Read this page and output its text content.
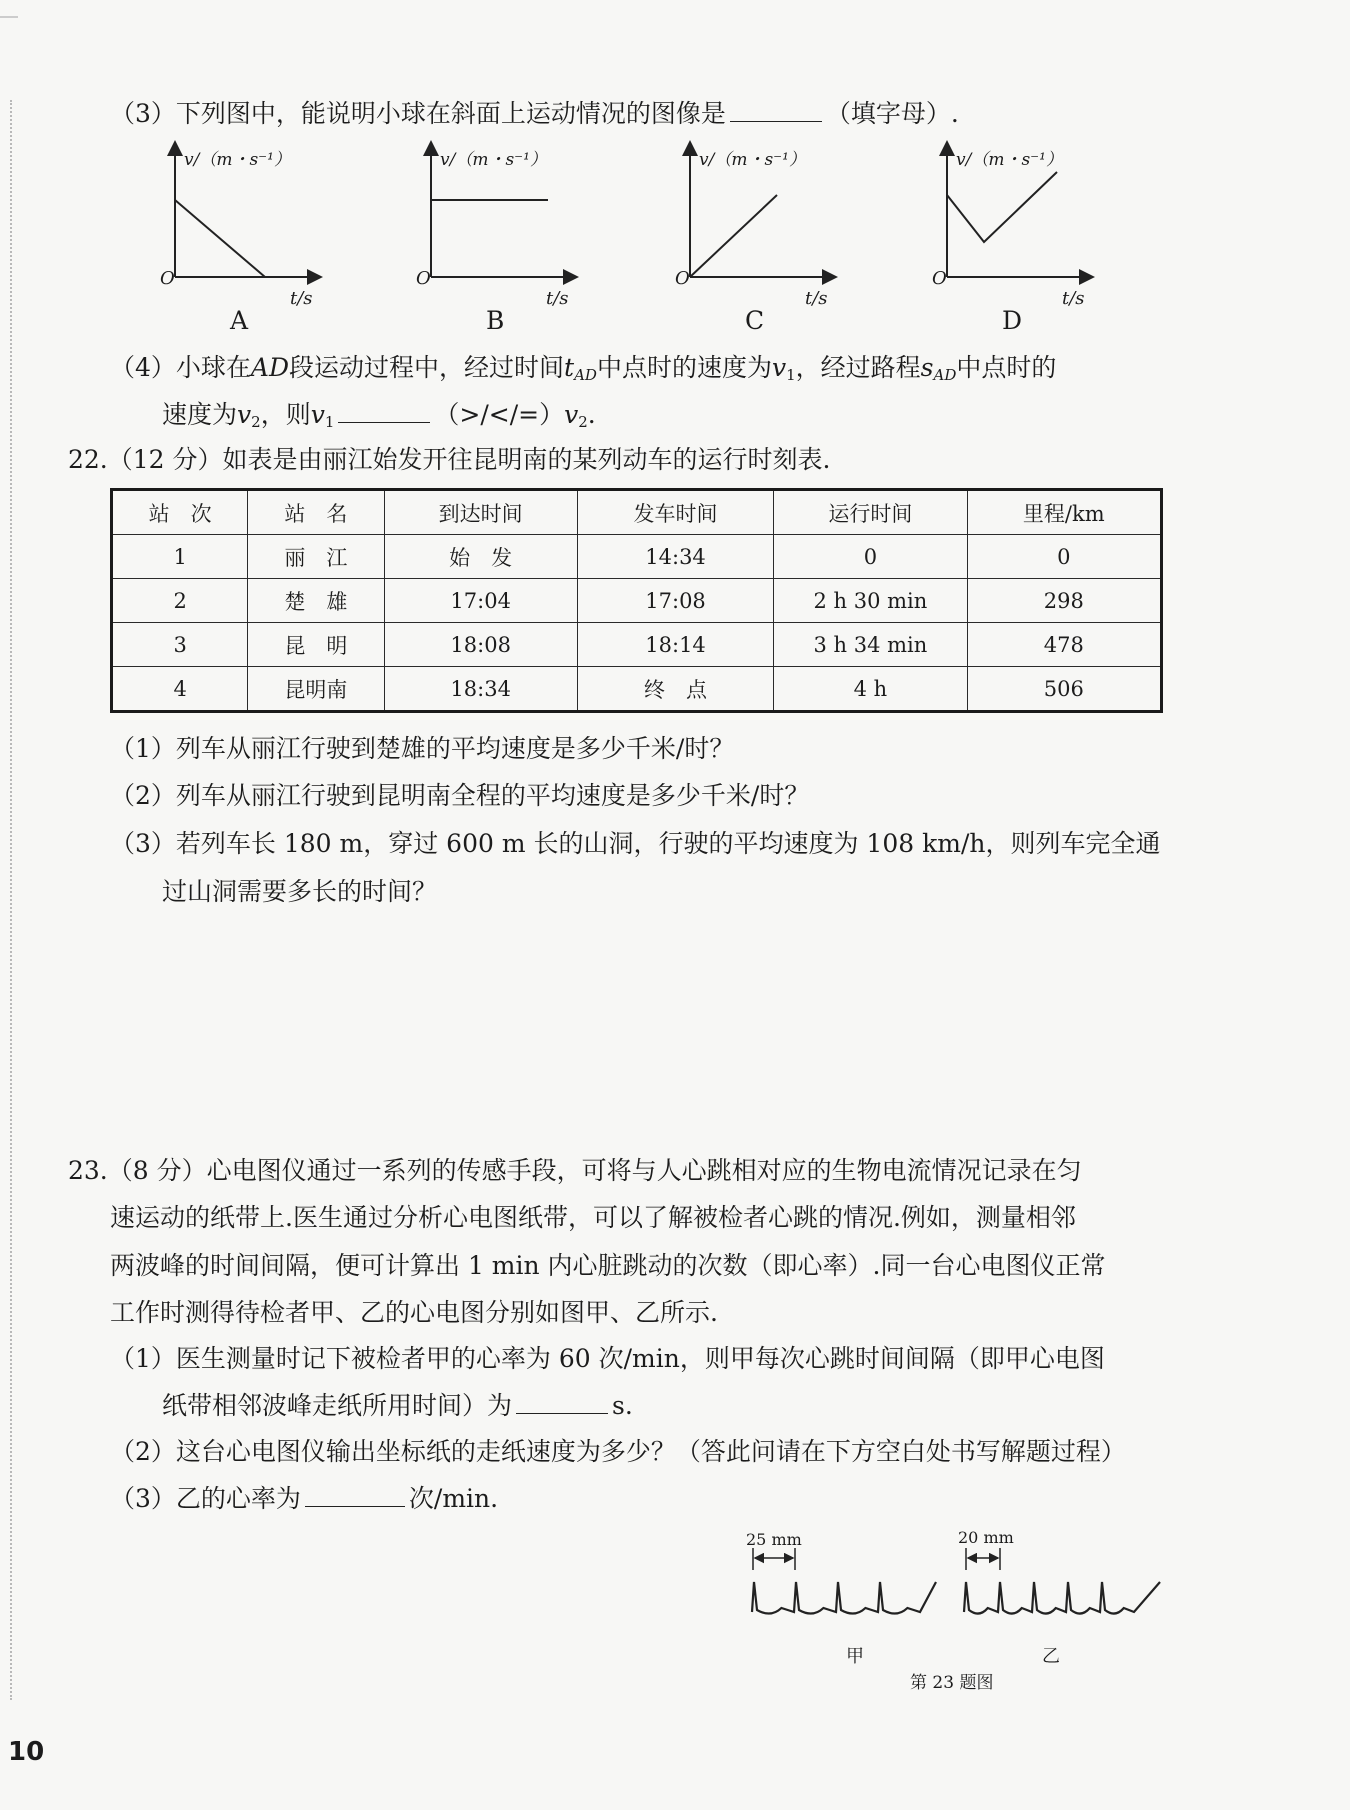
（3）下列图中，能说明小球在斜面上运动情况的图像是	（填字母）.
v/（m・s⁻¹）
O
t/s
A
v/（m・s⁻¹）
O
t/s
B
v/（m・s⁻¹）
O
t/s
C
v/（m・s⁻¹）
O
t/s
D
（4）小球在AD段运动过程中，经过时间$t_{AD}$中点时的速度为$v_1$，经过路程$s_{AD}$中点时的
速度为$v_2$，则$v_1$	$(>/</=)v_2$.
22.（12 分）如表是由丽江始发开往昆明南的某列动车的运行时刻表.
站　次	站　名	到达时间	发车时间	运行时间	里程/km
1	丽　江	始　发	14:34	0	0
2	楚　雄	17:04	17:08	2 h 30 min	298
3	昆　明	18:08	18:14	3 h 34 min	478
4	昆明南	18:34	终　点	4 h	506
（1）列车从丽江行驶到楚雄的平均速度是多少千米/时？
（2）列车从丽江行驶到昆明南全程的平均速度是多少千米/时？
（3）若列车长 180 m，穿过 600 m 长的山洞，行驶的平均速度为 108 km/h，则列车完全通
过山洞需要多长的时间？
23.（8 分）心电图仪通过一系列的传感手段，可将与人心跳相对应的生物电流情况记录在匀
速运动的纸带上.医生通过分析心电图纸带，可以了解被检者心跳的情况.例如，测量相邻
两波峰的时间间隔，便可计算出 1 min 内心脏跳动的次数（即心率）.同一台心电图仪正常
工作时测得待检者甲、乙的心电图分别如图甲、乙所示.
（1）医生测量时记下被检者甲的心率为 60 次/min，则甲每次心跳时间间隔（即甲心电图
纸带相邻波峰走纸所用时间）为	s.
（2）这台心电图仪输出坐标纸的走纸速度为多少？（答此问请在下方空白处书写解题过程）
（3）乙的心率为	次/min.
25 mm	20 mm
甲	乙
第 23 题图
10
